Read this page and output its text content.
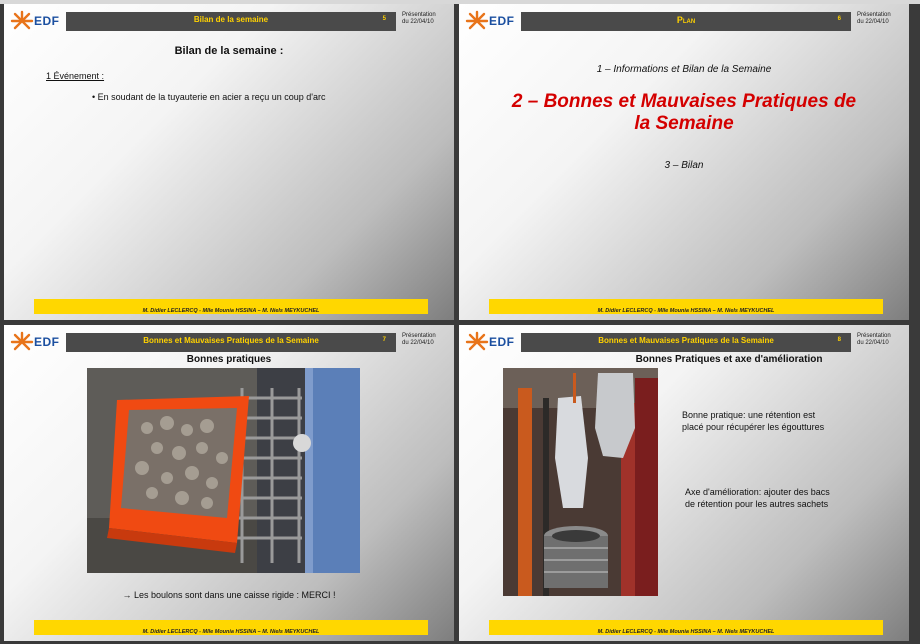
EDF	Bilan de la semaine	5
Présentation
du 22/04/10
Bilan de la semaine :
1 Événement :
• En soudant de la tuyauterie en acier a reçu un coup d'arc
M. Didier LECLERCQ - Mlle Mounia HSSINA – M. Niels MEYKUCHEL
EDF	Plan	6
Présentation
du 22/04/10
1 – Informations et Bilan de la Semaine
2 – Bonnes et Mauvaises Pratiques de
la Semaine
3 – Bilan
M. Didier LECLERCQ - Mlle Mounia HSSINA – M. Niels MEYKUCHEL
EDF	Bonnes et Mauvaises Pratiques de la Semaine	7
Présentation
du 22/04/10
Bonnes pratiques
→ Les boulons sont dans une caisse rigide : MERCI !
M. Didier LECLERCQ - Mlle Mounia HSSINA – M. Niels MEYKUCHEL
EDF	Bonnes et Mauvaises Pratiques de la Semaine	8
Présentation
du 22/04/10
Bonnes Pratiques et axe d'amélioration
Bonne pratique: une rétention est
placé pour récupérer les égouttures
Axe d'amélioration: ajouter des bacs
de rétention pour les autres sachets
M. Didier LECLERCQ - Mlle Mounia HSSINA – M. Niels MEYKUCHEL
